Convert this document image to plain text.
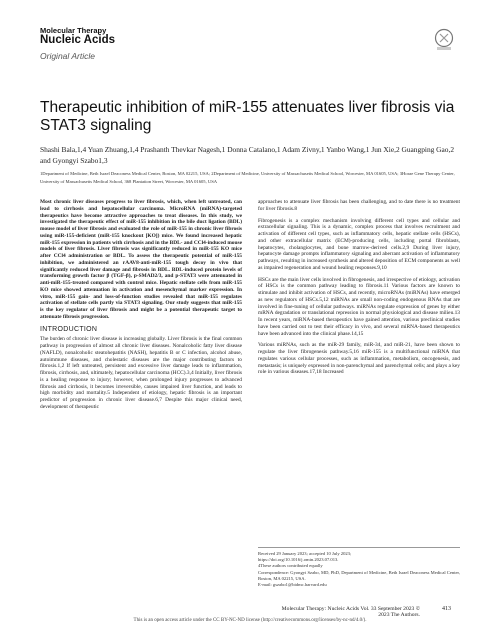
Molecular Therapy
Nucleic Acids
Original Article
Therapeutic inhibition of miR-155 attenuates liver fibrosis via STAT3 signaling
Shashi Bala,1,4 Yuan Zhuang,1,4 Prashanth Thevkar Nagesh,1 Donna Catalano,1 Adam Zivny,1 Yanbo Wang,1 Jun Xie,2 Guangping Gao,2 and Gyongyi Szabo1,3
1Department of Medicine, Beth Israel Deaconess Medical Center, Boston, MA 02215, USA; 2Department of Medicine, University of Massachusetts Medical School, Worcester, MA 01605, USA; 3Horae Gene Therapy Center, University of Massachusetts Medical School, 368 Plantation Street, Worcester, MA 01605, USA

Most chronic liver diseases progress to liver fibrosis, which, when left untreated, can lead to cirrhosis and hepatocellular carcinoma. MicroRNA (miRNA)-targeted therapeutics have become attractive approaches to treat diseases. In this study, we investigated the therapeutic effect of miR-155 inhibition in the bile duct ligation (BDL) mouse model of liver fibrosis and evaluated the role of miR-155 in chronic liver fibrosis using miR-155-deficient (miR-155 knockout [KO]) mice. We found increased hepatic miR-155 expression in patients with cirrhosis and in the BDL- and CCl4-induced mouse models of liver fibrosis. Liver fibrosis was significantly reduced in miR-155 KO mice after CCl4 administration or BDL. To assess the therapeutic potential of miR-155 inhibition, we administered an rAAV8-anti-miR-155 tough decoy in vivo that significantly reduced liver damage and fibrosis in BDL. BDL-induced protein levels of transforming growth factor β (TGF-β), p-SMAD2/3, and p-STAT3 were attenuated in anti-miR-155-treated compared with control mice. Hepatic stellate cells from miR-155 KO mice showed attenuation in activation and mesenchymal marker expression. In vitro, miR-155 gain- and loss-of-function studies revealed that miR-155 regulates activation of stellate cells partly via STAT3 signaling. Our study suggests that miR-155 is the key regulator of liver fibrosis and might be a potential therapeutic target to attenuate fibrosis progression.

INTRODUCTION

The burden of chronic liver disease is increasing globally. Liver fibrosis is the final common pathway in progression of almost all chronic liver diseases. Nonalcoholic fatty liver disease (NAFLD), nonalcoholic steatohepatitis (NASH), hepatitis B or C infection, alcohol abuse, autoimmune diseases, and cholestatic diseases are the major contributing factors to fibrosis.1,2 If left untreated, persistent and excessive liver damage leads to inflammation, fibrosis, cirrhosis, and, ultimately, hepatocellular carcinoma (HCC).3,4 Initially, liver fibrosis is a healing response to injury; however, when prolonged injury progresses to advanced fibrosis and cirrhosis, it becomes irreversible, causes impaired liver function, and leads to high morbidity and mortality.5 Independent of etiology, hepatic fibrosis is an important predictor of progression in chronic liver disease.6,7 Despite this major clinical need, development of therapeutic

approaches to attenuate liver fibrosis has been challenging, and to date there is no treatment for liver fibrosis.8

Fibrogenesis is a complex mechanism involving different cell types and cellular and extracellular signaling. This is a dynamic, complex process that involves recruitment and activation of different cell types, such as inflammatory cells, hepatic stellate cells (HSCs), and other extracellular matrix (ECM)-producing cells, including portal fibroblasts, hepatocytes, cholangiocytes, and bone marrow-derived cells.2,9 During liver injury, hepatocyte damage prompts inflammatory signaling and aberrant activation of inflammatory pathways, resulting in increased synthesis and altered deposition of ECM components as well as impaired regeneration and wound healing responses.9,10

HSCs are the main liver cells involved in fibrogenesis, and irrespective of etiology, activation of HSCs is the common pathway leading to fibrosis.11 Various factors are known to stimulate and inhibit activation of HSCs, and recently, microRNAs (miRNAs) have emerged as new regulators of HSCs.5,12 miRNAs are small non-coding endogenous RNAs that are involved in fine-tuning of cellular pathways. miRNAs regulate expression of genes by either mRNA degradation or translational repression in normal physiological and disease milieu.13 In recent years, miRNA-based therapeutics have gained attention, various preclinical studies have been carried out to test their efficacy in vivo, and several miRNA-based therapeutics have been advanced into the clinical phase.14,15

Various miRNAs, such as the miR-29 family, miR-34, and miR-21, have been shown to regulate the liver fibrogenesis pathway.5,16 miR-155 is a multifunctional miRNA that regulates various cellular processes, such as inflammation, metabolism, oncogenesis, and metastasis; is uniquely expressed in non-parenchymal and parenchymal cells; and plays a key role in various diseases.17,18 Increased

Received 29 January 2023; accepted 10 July 2023;
https://doi.org/10.1016/j.omtn.2023.07.013.
4These authors contributed equally
Correspondence: Gyongyi Szabo, MD, PhD, Department of Medicine, Beth Israel Deaconess Medical Center, Boston, MA 02215, USA.
E-mail: gszabo1@bidmc.harvard.edu
Molecular Therapy: Nucleic Acids Vol. 33 September 2023 © 2023 The Authors.
413
This is an open access article under the CC BY-NC-ND license (http://creativecommons.org/licenses/by-nc-nd/4.0/).
